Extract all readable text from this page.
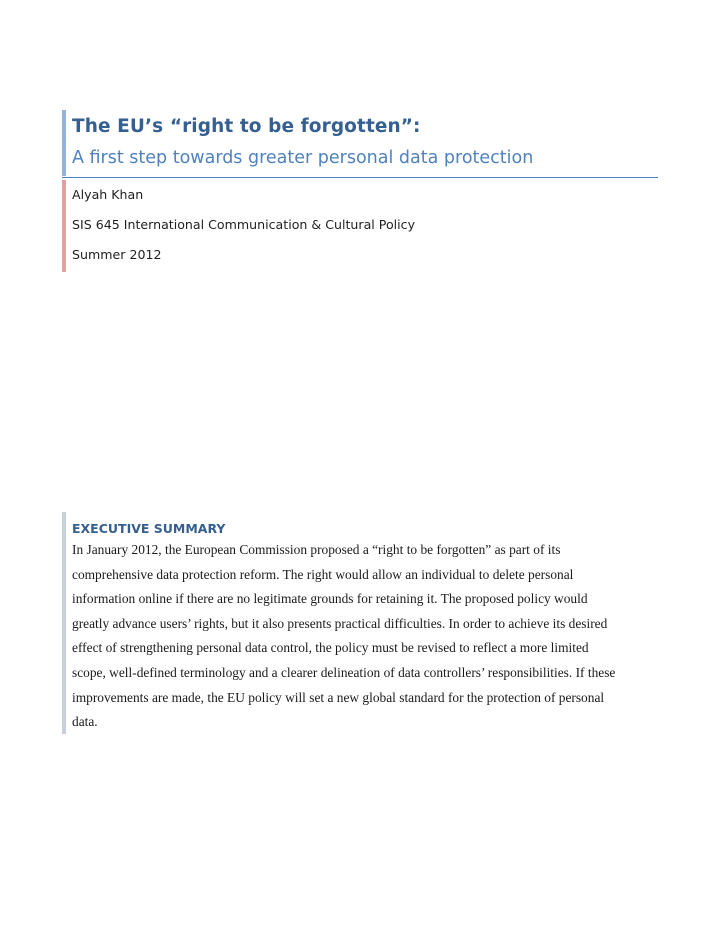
The EU’s “right to be forgotten”:
A first step towards greater personal data protection
Alyah Khan
SIS 645 International Communication & Cultural Policy
Summer 2012
EXECUTIVE SUMMARY
In January 2012, the European Commission proposed a “right to be forgotten” as part of its
comprehensive data protection reform. The right would allow an individual to delete personal
information online if there are no legitimate grounds for retaining it. The proposed policy would
greatly advance users’ rights, but it also presents practical difficulties. In order to achieve its desired
effect of strengthening personal data control, the policy must be revised to reflect a more limited
scope, well-defined terminology and a clearer delineation of data controllers’ responsibilities. If these
improvements are made, the EU policy will set a new global standard for the protection of personal
data.
